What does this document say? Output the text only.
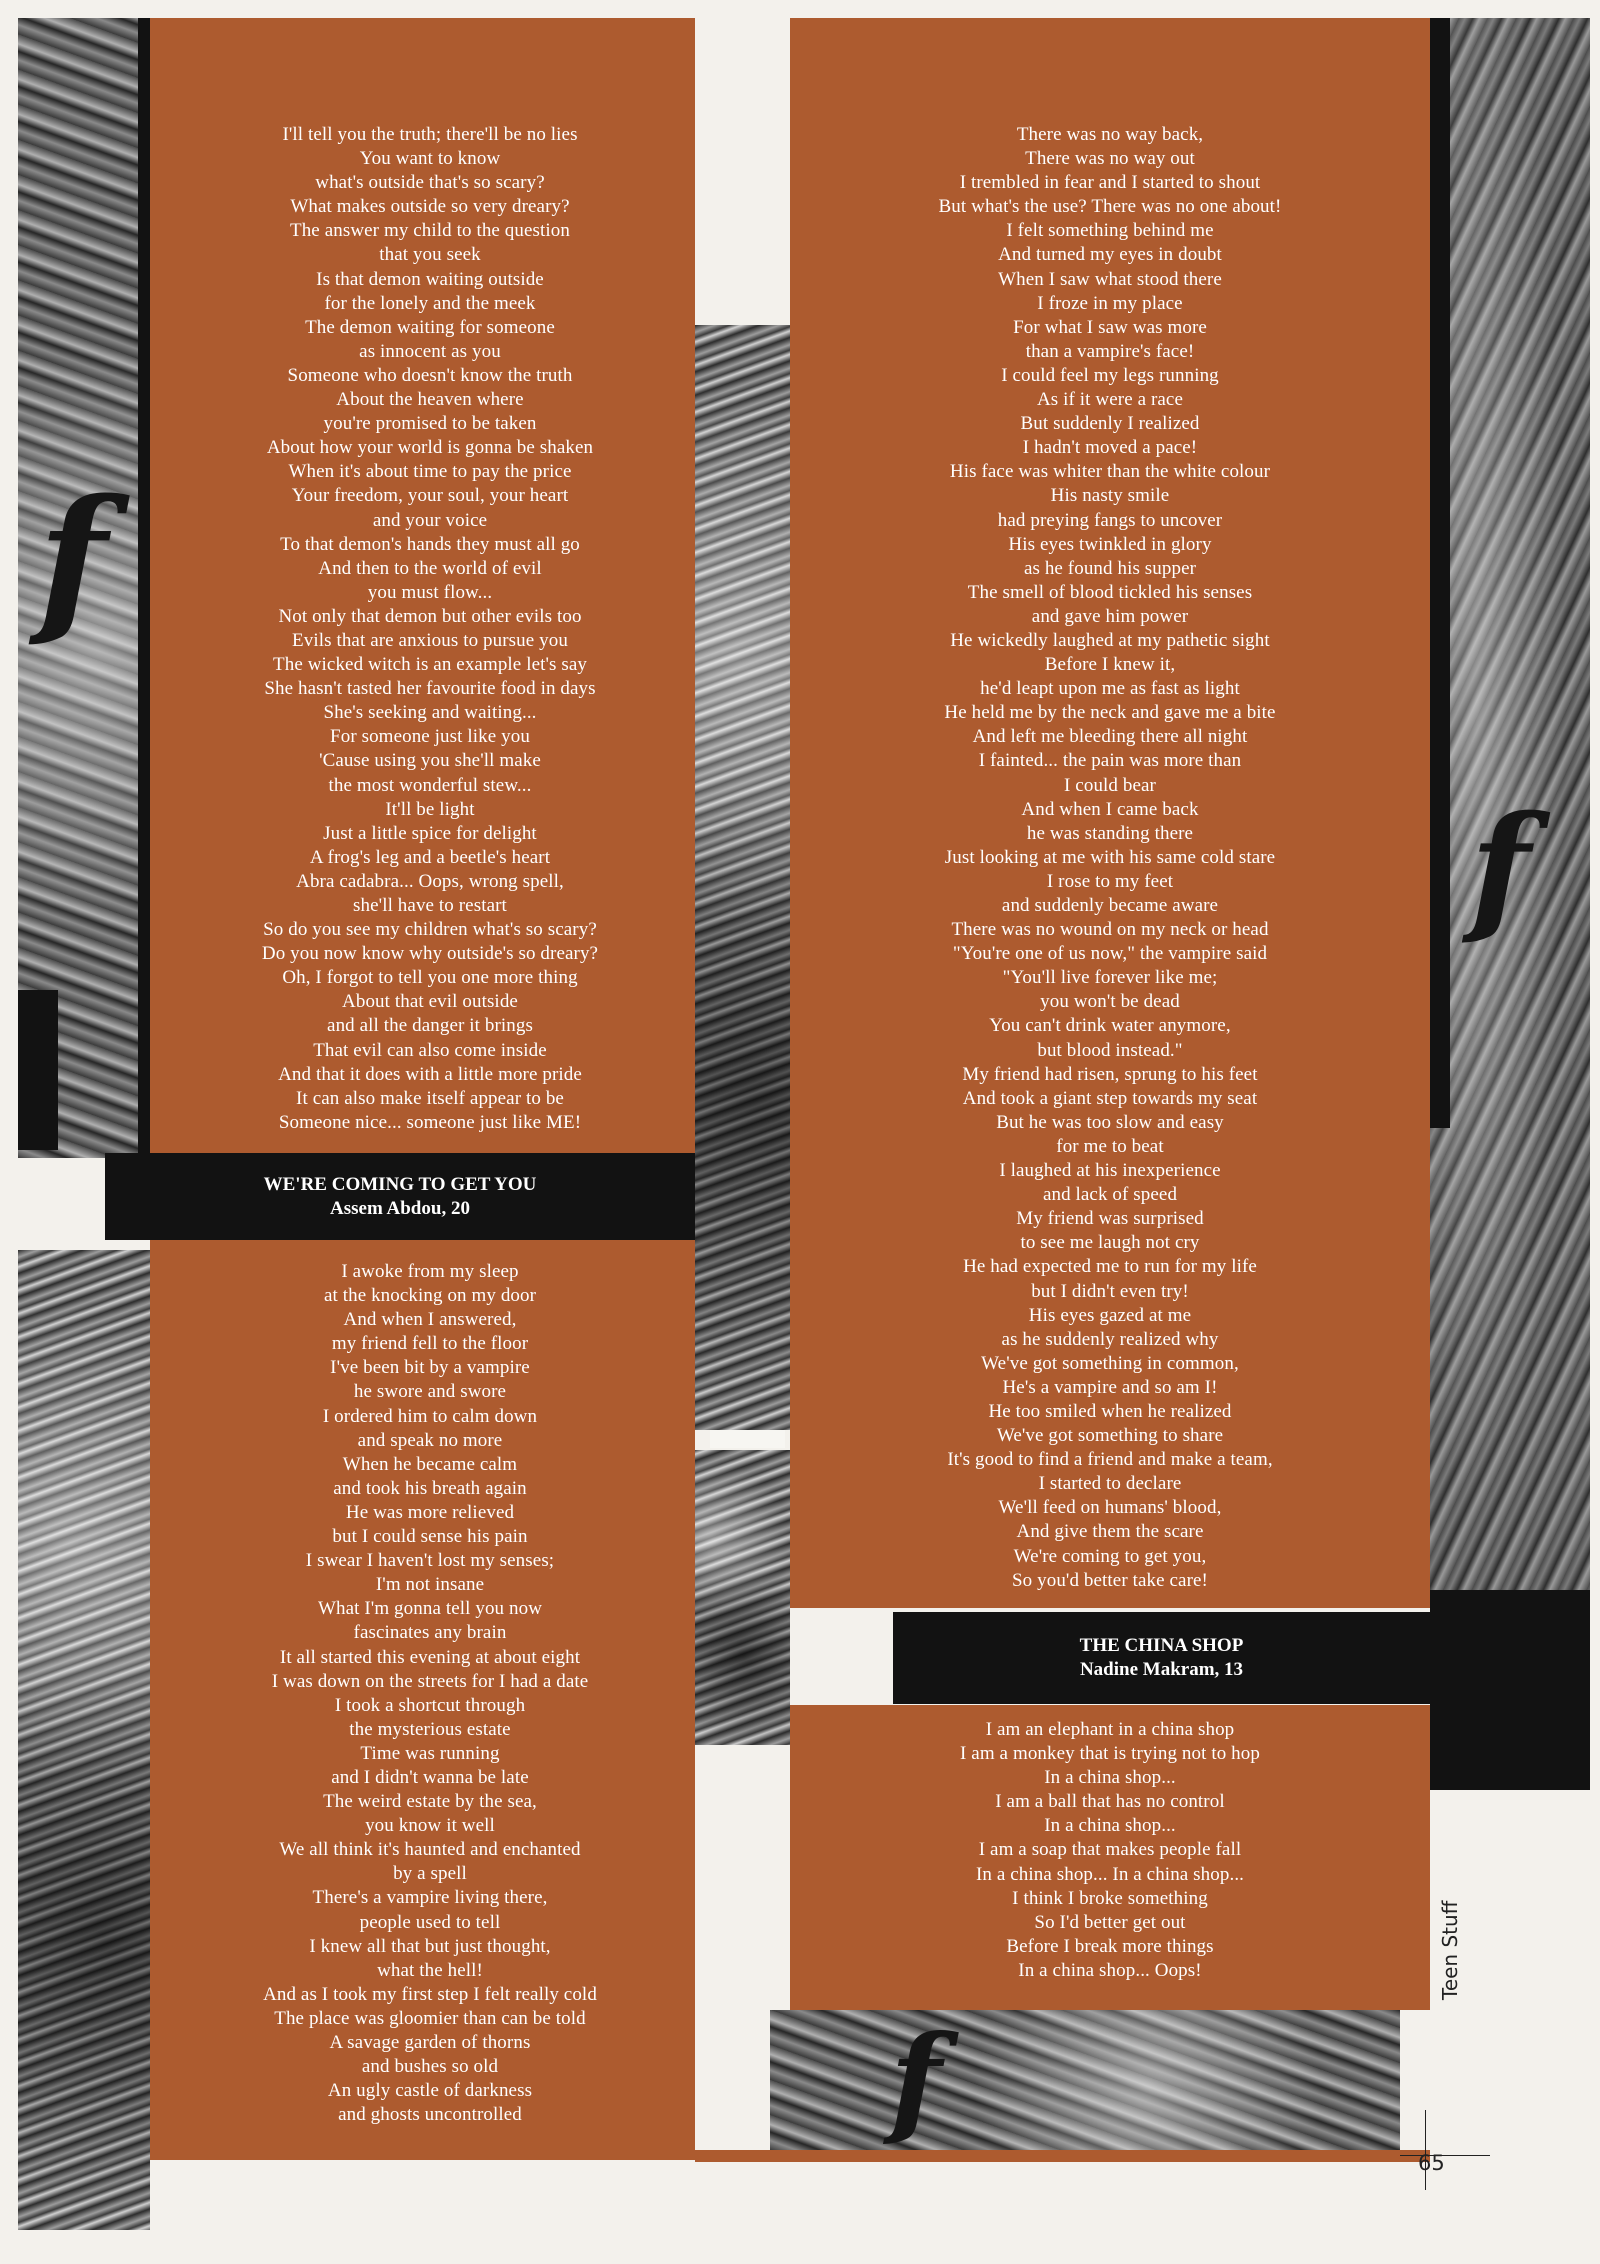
f
f
f
I'll tell you the truth; there'll be no lies
You want to know
what's outside that's so scary?
What makes outside so very dreary?
The answer my child to the question
that you seek
Is that demon waiting outside
for the lonely and the meek
The demon waiting for someone
as innocent as you
Someone who doesn't know the truth
About the heaven where
you're promised to be taken
About how your world is gonna be shaken
When it's about time to pay the price
Your freedom, your soul, your heart
and your voice
To that demon's hands they must all go
And then to the world of evil
you must flow...
Not only that demon but other evils too
Evils that are anxious to pursue you
The wicked witch is an example let's say
She hasn't tasted her favourite food in days
She's seeking and waiting...
For someone just like you
'Cause using you she'll make
the most wonderful stew...
It'll be light
Just a little spice for delight
A frog's leg and a beetle's heart
Abra cadabra... Oops, wrong spell,
she'll have to restart
So do you see my children what's so scary?
Do you now know why outside's so dreary?
Oh, I forgot to tell you one more thing
About that evil outside
and all the danger it brings
That evil can also come inside
And that it does with a little more pride
It can also make itself appear to be
Someone nice... someone just like ME!
WE'RE COMING TO GET YOU
Assem Abdou, 20
I awoke from my sleep
at the knocking on my door
And when I answered,
my friend fell to the floor
I've been bit by a vampire
he swore and swore
I ordered him to calm down
and speak no more
When he became calm
and took his breath again
He was more relieved
but I could sense his pain
I swear I haven't lost my senses;
I'm not insane
What I'm gonna tell you now
fascinates any brain
It all started this evening at about eight
I was down on the streets for I had a date
I took a shortcut through
the mysterious estate
Time was running
and I didn't wanna be late
The weird estate by the sea,
you know it well
We all think it's haunted and enchanted
by a spell
There's a vampire living there,
people used to tell
I knew all that but just thought,
what the hell!
And as I took my first step I felt really cold
The place was gloomier than can be told
A savage garden of thorns
and bushes so old
An ugly castle of darkness
and ghosts uncontrolled
There was no way back,
There was no way out
I trembled in fear and I started to shout
But what's the use? There was no one about!
I felt something behind me
And turned my eyes in doubt
When I saw what stood there
I froze in my place
For what I saw was more
than a vampire's face!
I could feel my legs running
As if it were a race
But suddenly I realized
I hadn't moved a pace!
His face was whiter than the white colour
His nasty smile
had preying fangs to uncover
His eyes twinkled in glory
as he found his supper
The smell of blood tickled his senses
and gave him power
He wickedly laughed at my pathetic sight
Before I knew it,
he'd leapt upon me as fast as light
He held me by the neck and gave me a bite
And left me bleeding there all night
I fainted... the pain was more than
I could bear
And when I came back
he was standing there
Just looking at me with his same cold stare
I rose to my feet
and suddenly became aware
There was no wound on my neck or head
"You're one of us now," the vampire said
"You'll live forever like me;
you won't be dead
You can't drink water anymore,
but blood instead."
My friend had risen, sprung to his feet
And took a giant step towards my seat
But he was too slow and easy
for me to beat
I laughed at his inexperience
and lack of speed
My friend was surprised
to see me laugh not cry
He had expected me to run for my life
but I didn't even try!
His eyes gazed at me
as he suddenly realized why
We've got something in common,
He's a vampire and so am I!
He too smiled when he realized
We've got something to share
It's good to find a friend and make a team,
I started to declare
We'll feed on humans' blood,
And give them the scare
We're coming to get you,
So you'd better take care!
THE CHINA SHOP
Nadine Makram, 13
I am an elephant in a china shop
I am a monkey that is trying not to hop
In a china shop...
I am a ball that has no control
In a china shop...
I am a soap that makes people fall
In a china shop... In a china shop...
I think I broke something
So I'd better get out
Before I break more things
In a china shop... Oops!	Teen Stuff
65
